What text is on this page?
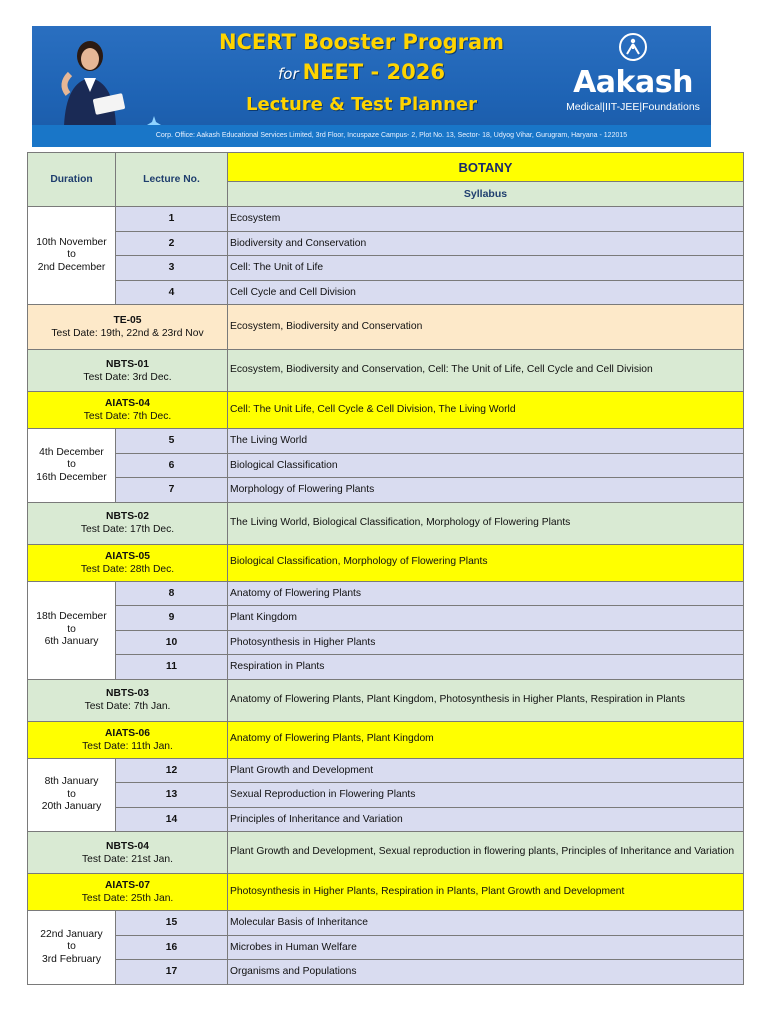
NCERT Booster Program
for NEET - 2026
Lecture & Test Planner
Aakash
Medical|IIT-JEE|Foundations
Corp. Office: Aakash Educational Services Limited, 3rd Floor, Incuspaze Campus- 2, Plot No. 13, Sector- 18, Udyog Vihar, Gurugram, Haryana - 122015
Duration	Lecture No.	BOTANY
		Syllabus

10th November
to
2nd December	1	Ecosystem
	2	Biodiversity and Conservation
	3	Cell: The Unit of Life
	4	Cell Cycle and Cell Division

TE-05
Test Date: 19th, 22nd & 23rd Nov		Ecosystem, Biodiversity and Conservation

NBTS-01
Test Date: 3rd Dec.		Ecosystem, Biodiversity and Conservation, Cell: The Unit of Life, Cell Cycle and Cell Division

AIATS-04
Test Date: 7th Dec.		Cell: The Unit Life, Cell Cycle & Cell Division, The Living World

4th December
to
16th December	5	The Living World
	6	Biological Classification
	7	Morphology of Flowering Plants

NBTS-02
Test Date: 17th Dec.		The Living World, Biological Classification, Morphology of Flowering Plants

AIATS-05
Test Date: 28th Dec.		Biological Classification, Morphology of Flowering Plants

18th December
to
6th January	8	Anatomy of Flowering Plants
	9	Plant Kingdom
	10	Photosynthesis in Higher Plants
	11	Respiration in Plants

NBTS-03
Test Date: 7th Jan.		Anatomy of Flowering Plants, Plant Kingdom, Photosynthesis in Higher Plants, Respiration in Plants

AIATS-06
Test Date: 11th Jan.		Anatomy of Flowering Plants, Plant Kingdom

8th January
to
20th January	12	Plant Growth and Development
	13	Sexual Reproduction in Flowering Plants
	14	Principles of Inheritance and Variation

NBTS-04
Test Date: 21st Jan.		Plant Growth and Development, Sexual reproduction in flowering plants, Principles of Inheritance and Variation

AIATS-07
Test Date: 25th Jan.		Photosynthesis in Higher Plants, Respiration in Plants, Plant Growth and Development

22nd January
to
3rd February	15	Molecular Basis of Inheritance
	16	Microbes in Human Welfare
	17	Organisms and Populations
